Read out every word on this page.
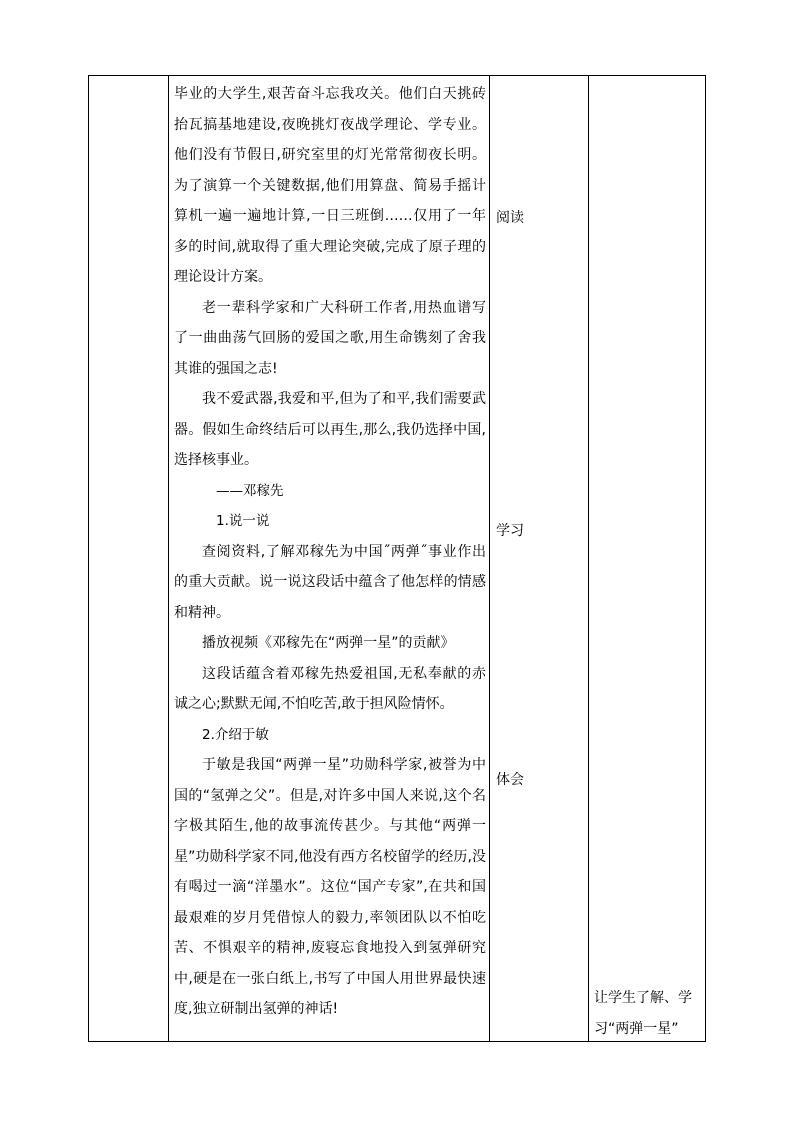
毕业的大学生,艰苦奋斗忘我攻关。他们白天挑砖抬瓦搞基地建设,夜晚挑灯夜战学理论、学专业。他们没有节假日,研究室里的灯光常常彻夜长明。为了演算一个关键数据,他们用算盘、简易手摇计算机一遍一遍地计算,一日三班倒……仅用了一年多的时间,就取得了重大理论突破,完成了原子理的理论设计方案。

老一辈科学家和广大科研工作者,用热血谱写了一曲曲荡气回肠的爱国之歌,用生命镌刻了舍我其谁的强国之志!

我不爱武器,我爱和平,但为了和平,我们需要武器。假如生命终结后可以再生,那么,我仍选择中国,选择核事业。

——邓稼先

1.说一说

查阅资料,了解邓稼先为中国˝两弹˝事业作出的重大贡献。说一说这段话中蕴含了他怎样的情感和精神。

播放视频《邓稼先在“两弹一星”的贡献》

这段话蕴含着邓稼先热爱祖国,无私奉献的赤诚之心;默默无闻,不怕吃苦,敢于担风险情怀。

2.介绍于敏

于敏是我国“两弹一星”功勋科学家,被誉为中国的“氢弹之父”。但是,对许多中国人来说,这个名字极其陌生,他的故事流传甚少。与其他“两弹一星”功勋科学家不同,他没有西方名校留学的经历,没有喝过一滴“洋墨水”。这位“国产专家”,在共和国最艰难的岁月凭借惊人的毅力,率领团队以不怕吃苦、不惧艰辛的精神,废寝忘食地投入到氢弹研究中,硬是在一张白纸上,书写了中国人用世界最快速度,独立研制出氢弹的神话!

阅读
学习
体会
让学生了解、学
习“两弹一星”
